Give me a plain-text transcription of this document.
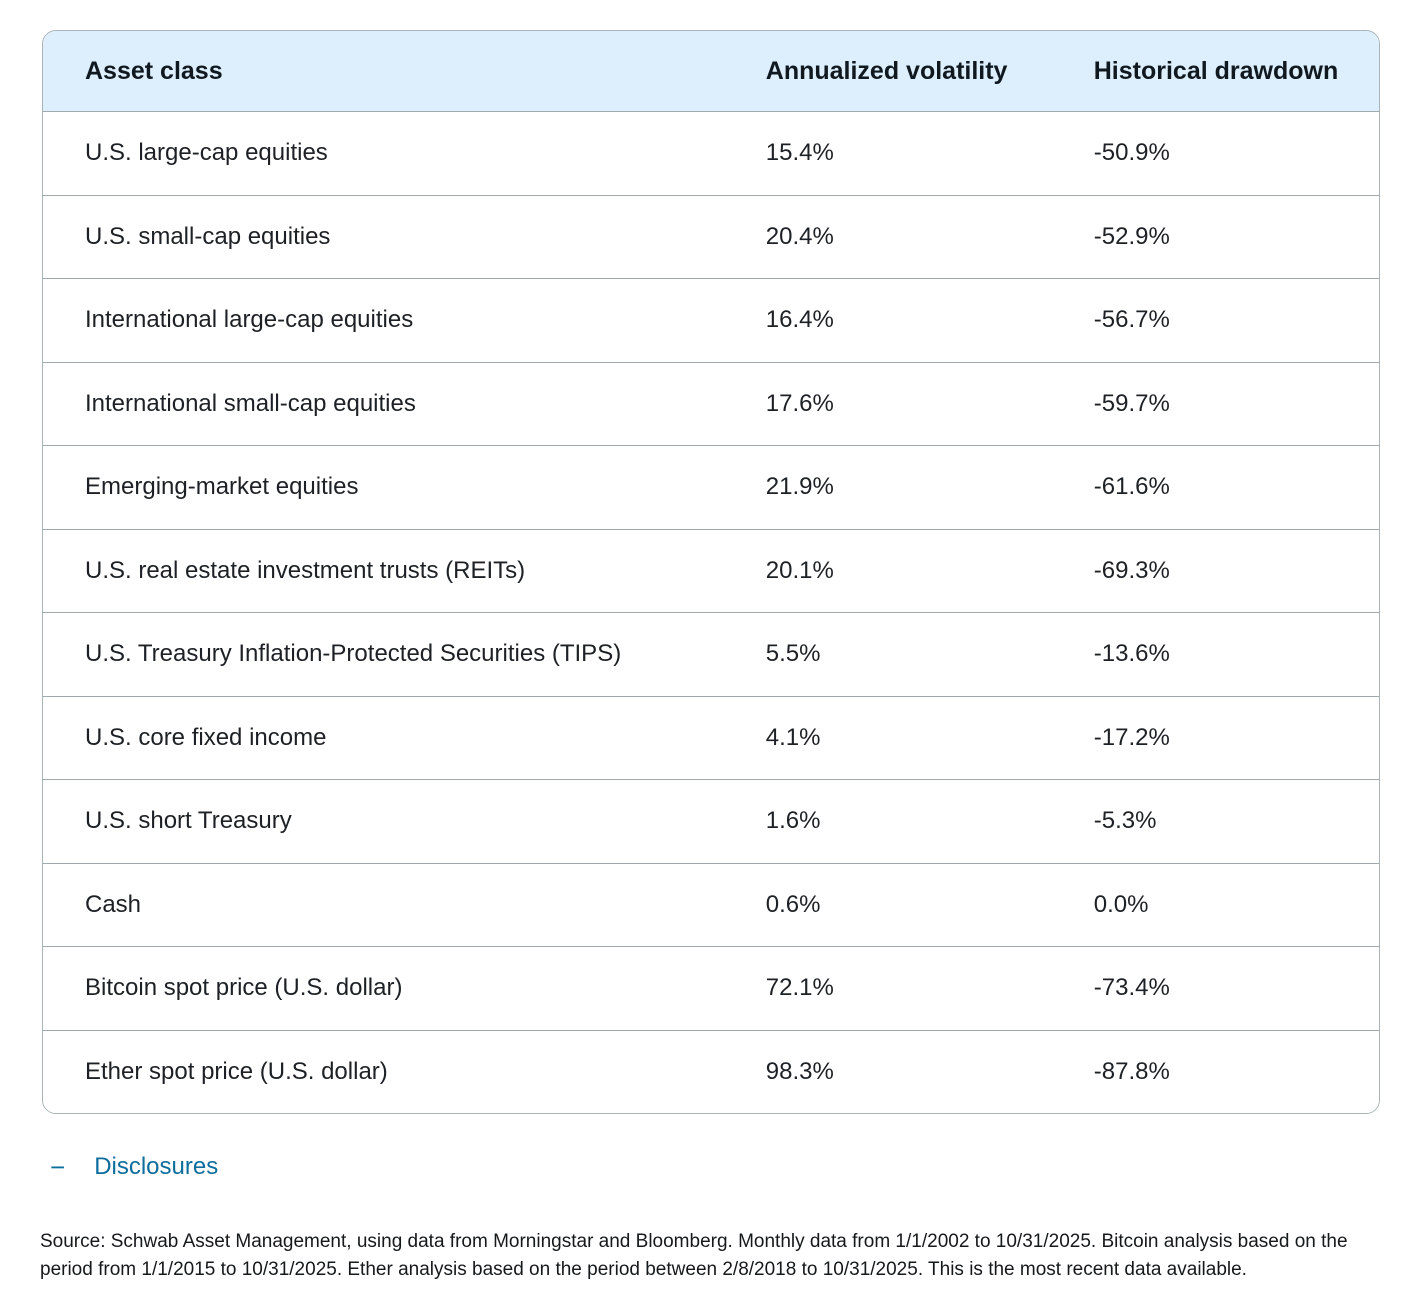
Asset class	Annualized volatility	Historical drawdown
U.S. large-cap equities	15.4%	-50.9%
U.S. small-cap equities	20.4%	-52.9%
International large-cap equities	16.4%	-56.7%
International small-cap equities	17.6%	-59.7%
Emerging-market equities	21.9%	-61.6%
U.S. real estate investment trusts (REITs)	20.1%	-69.3%
U.S. Treasury Inflation-Protected Securities (TIPS)	5.5%	-13.6%
U.S. core fixed income	4.1%	-17.2%
U.S. short Treasury	1.6%	-5.3%
Cash	0.6%	0.0%
Bitcoin spot price (U.S. dollar)	72.1%	-73.4%
Ether spot price (U.S. dollar)	98.3%	-87.8%
− Disclosures

Source: Schwab Asset Management, using data from Morningstar and Bloomberg. Monthly data from 1/1/2002 to 10/31/2025. Bitcoin analysis based on the period from 1/1/2015 to 10/31/2025. Ether analysis based on the period between 2/8/2018 to 10/31/2025. This is the most recent data available.
